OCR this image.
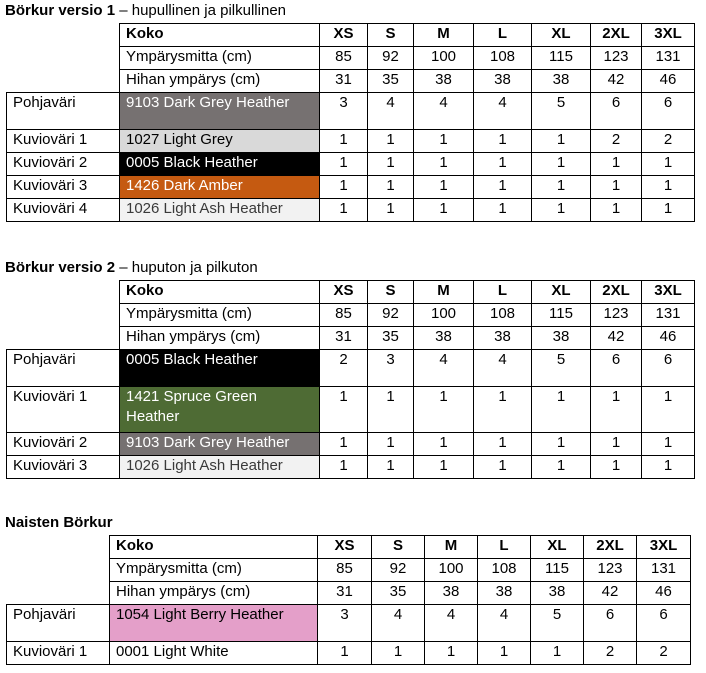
Börkur versio 1 – hupullinen ja pilkullinen
	Koko	XS	S	M	L	XL	2XL	3XL
	Ympärysmitta (cm)	85	92	100	108	115	123	131
	Hihan ympärys (cm)	31	35	38	38	38	42	46
Pohjaväri	9103 Dark Grey Heather	3	4	4	4	5	6	6
Kuvioväri 1	1027 Light Grey	1	1	1	1	1	2	2
Kuvioväri 2	0005 Black Heather	1	1	1	1	1	1	1
Kuvioväri 3	1426 Dark Amber	1	1	1	1	1	1	1
Kuvioväri 4	1026 Light Ash Heather	1	1	1	1	1	1	1
Börkur versio 2 – huputon ja pilkuton
	Koko	XS	S	M	L	XL	2XL	3XL
	Ympärysmitta (cm)	85	92	100	108	115	123	131
	Hihan ympärys (cm)	31	35	38	38	38	42	46
Pohjaväri	0005 Black Heather	2	3	4	4	5	6	6
Kuvioväri 1	1421 Spruce Green Heather	1	1	1	1	1	1	1
Kuvioväri 2	9103 Dark Grey Heather	1	1	1	1	1	1	1
Kuvioväri 3	1026 Light Ash Heather	1	1	1	1	1	1	1
Naisten Börkur
	Koko	XS	S	M	L	XL	2XL	3XL
	Ympärysmitta (cm)	85	92	100	108	115	123	131
	Hihan ympärys (cm)	31	35	38	38	38	42	46
Pohjaväri	1054 Light Berry Heather	3	4	4	4	5	6	6
Kuvioväri 1	0001 Light White	1	1	1	1	1	2	2
